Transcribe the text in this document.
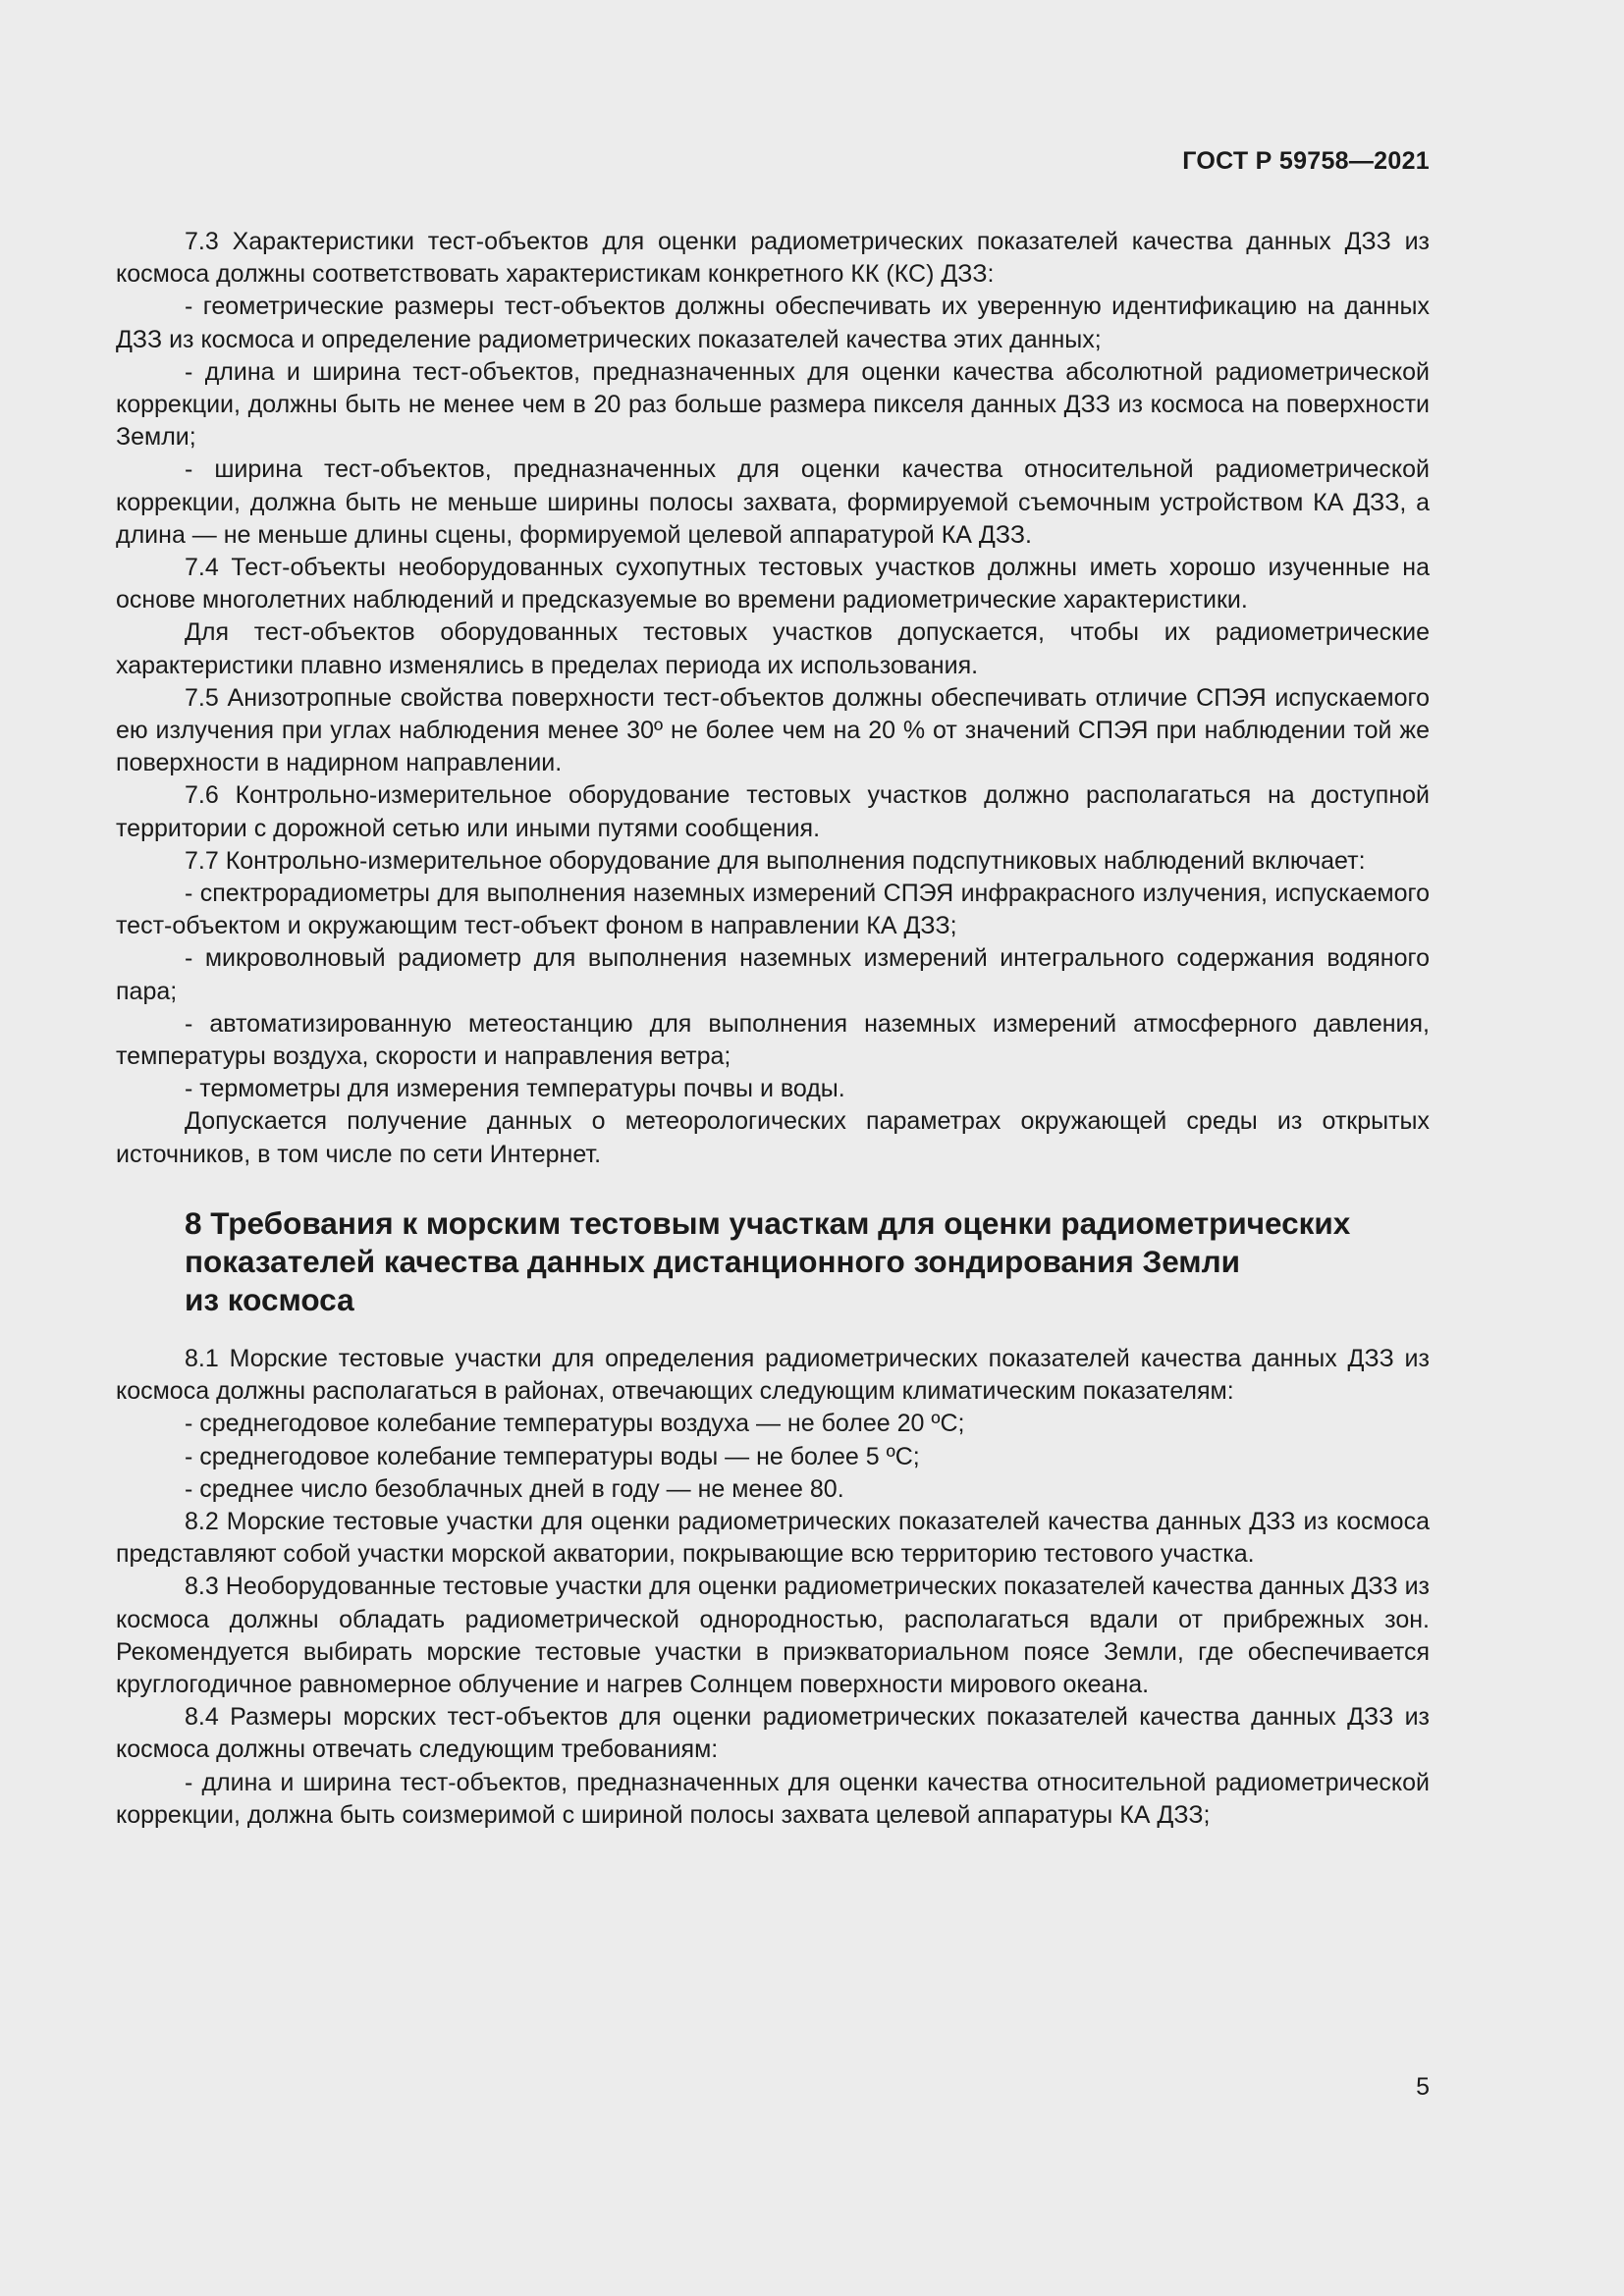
ГОСТ Р 59758—2021

7.3 Характеристики тест-объектов для оценки радиометрических показателей качества данных ДЗЗ из космоса должны соответствовать характеристикам конкретного КК (КС) ДЗЗ:

- геометрические размеры тест-объектов должны обеспечивать их уверенную идентификацию на данных ДЗЗ из космоса и определение радиометрических показателей качества этих данных;

- длина и ширина тест-объектов, предназначенных для оценки качества абсолютной радиометрической коррекции, должны быть не менее чем в 20 раз больше размера пикселя данных ДЗЗ из космоса на поверхности Земли;

- ширина тест-объектов, предназначенных для оценки качества относительной радиометрической коррекции, должна быть не меньше ширины полосы захвата, формируемой съемочным устройством КА ДЗЗ, а длина — не меньше длины сцены, формируемой целевой аппаратурой КА ДЗЗ.

7.4 Тест-объекты необорудованных сухопутных тестовых участков должны иметь хорошо изученные на основе многолетних наблюдений и предсказуемые во времени радиометрические характеристики.

Для тест-объектов оборудованных тестовых участков допускается, чтобы их радиометрические характеристики плавно изменялись в пределах периода их использования.

7.5 Анизотропные свойства поверхности тест-объектов должны обеспечивать отличие СПЭЯ испускаемого ею излучения при углах наблюдения менее 30º не более чем на 20 % от значений СПЭЯ при наблюдении той же поверхности в надирном направлении.

7.6 Контрольно-измерительное оборудование тестовых участков должно располагаться на доступной территории с дорожной сетью или иными путями сообщения.

7.7 Контрольно-измерительное оборудование для выполнения подспутниковых наблюдений включает:

- спектрорадиометры для выполнения наземных измерений СПЭЯ инфракрасного излучения, испускаемого тест-объектом и окружающим тест-объект фоном в направлении КА ДЗЗ;

- микроволновый радиометр для выполнения наземных измерений интегрального содержания водяного пара;

- автоматизированную метеостанцию для выполнения наземных измерений атмосферного давления, температуры воздуха, скорости и направления ветра;

- термометры для измерения температуры почвы и воды.

Допускается получение данных о метеорологических параметрах окружающей среды из открытых источников, в том числе по сети Интернет.

8 Требования к морским тестовым участкам для оценки радиометрических
показателей качества данных дистанционного зондирования Земли
из космоса

8.1 Морские тестовые участки для определения радиометрических показателей качества данных ДЗЗ из космоса должны располагаться в районах, отвечающих следующим климатическим показателям:

- среднегодовое колебание температуры воздуха — не более 20 ºС;

- среднегодовое колебание температуры воды — не более 5 ºС;

- среднее число безоблачных дней в году — не менее 80.

8.2 Морские тестовые участки для оценки радиометрических показателей качества данных ДЗЗ из космоса представляют собой участки морской акватории, покрывающие всю территорию тестового участка.

8.3 Необорудованные тестовые участки для оценки радиометрических показателей качества данных ДЗЗ из космоса должны обладать радиометрической однородностью, располагаться вдали от прибрежных зон. Рекомендуется выбирать морские тестовые участки в приэкваториальном поясе Земли, где обеспечивается круглогодичное равномерное облучение и нагрев Солнцем поверхности мирового океана.

8.4 Размеры морских тест-объектов для оценки радиометрических показателей качества данных ДЗЗ из космоса должны отвечать следующим требованиям:

- длина и ширина тест-объектов, предназначенных для оценки качества относительной радиометрической коррекции, должна быть соизмеримой с шириной полосы захвата целевой аппаратуры КА ДЗЗ;

5
